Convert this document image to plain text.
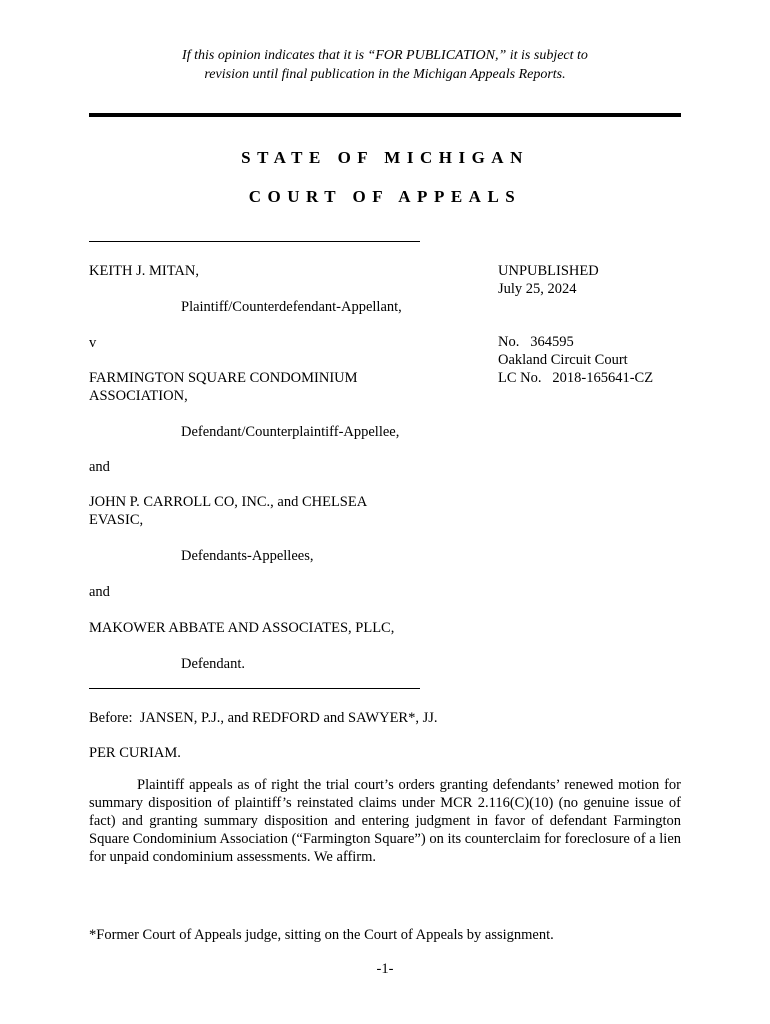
If this opinion indicates that it is “FOR PUBLICATION,” it is subject to
revision until final publication in the Michigan Appeals Reports.
STATE OF MICHIGAN
COURT OF APPEALS
KEITH J. MITAN,
Plaintiff/Counterdefendant-Appellant,
v
FARMINGTON SQUARE CONDOMINIUM
ASSOCIATION,
Defendant/Counterplaintiff-Appellee,
and
JOHN P. CARROLL CO, INC., and CHELSEA
EVASIC,
Defendants-Appellees,
and
MAKOWER ABBATE AND ASSOCIATES, PLLC,
Defendant.
UNPUBLISHED
July 25, 2024
No.   364595
Oakland Circuit Court
LC No.   2018-165641-CZ
Before:  JANSEN, P.J., and REDFORD and SAWYER*, JJ.
PER CURIAM.
Plaintiff appeals as of right the trial court’s orders granting defendants’ renewed motion for summary disposition of plaintiff’s reinstated claims under MCR 2.116(C)(10) (no genuine issue of fact) and granting summary disposition and entering judgment in favor of defendant Farmington Square Condominium Association (“Farmington Square”) on its counterclaim for foreclosure of a lien for unpaid condominium assessments. We affirm.
*Former Court of Appeals judge, sitting on the Court of Appeals by assignment.
-1-
